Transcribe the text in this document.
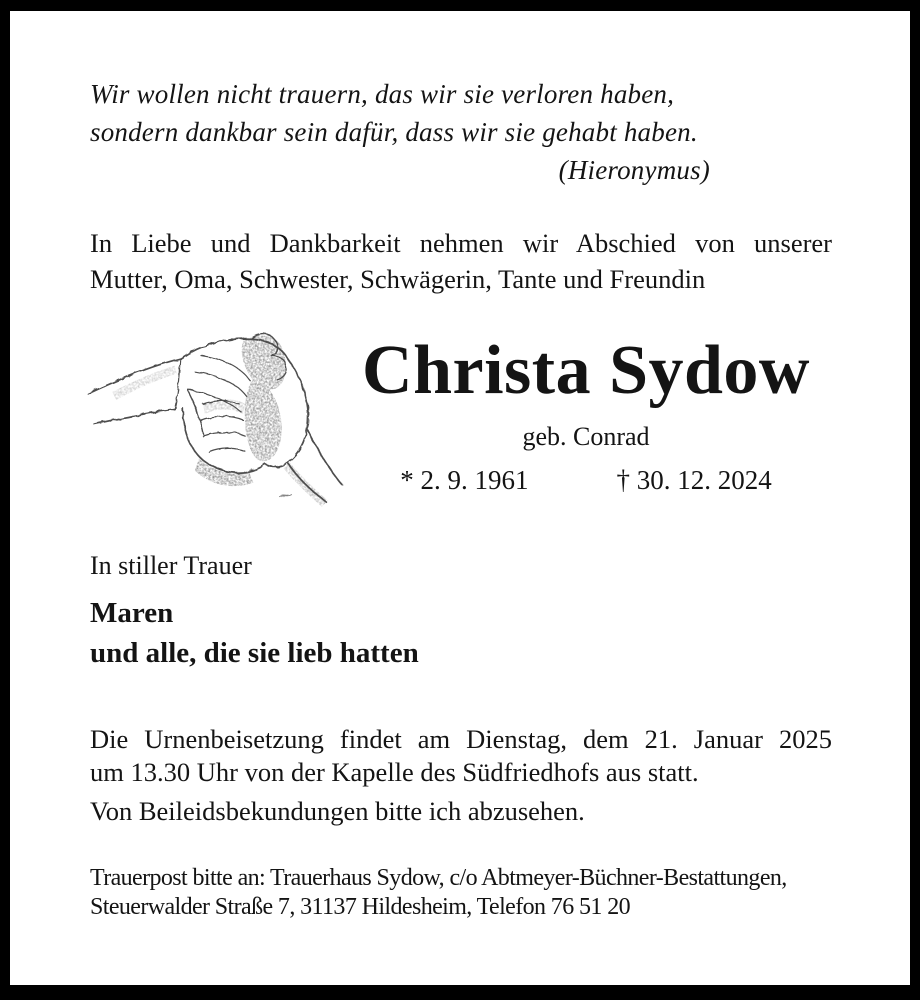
Wir wollen nicht trauern, das wir sie verloren haben,
sondern dankbar sein dafür, dass wir sie gehabt haben.
(Hieronymus)
In Liebe und Dankbarkeit nehmen wir Abschied von unserer
Mutter, Oma, Schwester, Schwägerin, Tante und Freundin
Christa Sydow
geb. Conrad
* 2. 9. 1961	† 30. 12. 2024
In stiller Trauer
Maren
und alle, die sie lieb hatten
Die Urnenbeisetzung findet am Dienstag, dem 21. Januar 2025
um 13.30 Uhr von der Kapelle des Südfriedhofs aus statt.
Von Beileidsbekundungen bitte ich abzusehen.
Trauerpost bitte an: Trauerhaus Sydow, c/o Abtmeyer-Büchner-Bestattungen,
Steuerwalder Straße 7, 31137 Hildesheim, Telefon 76 51 20
